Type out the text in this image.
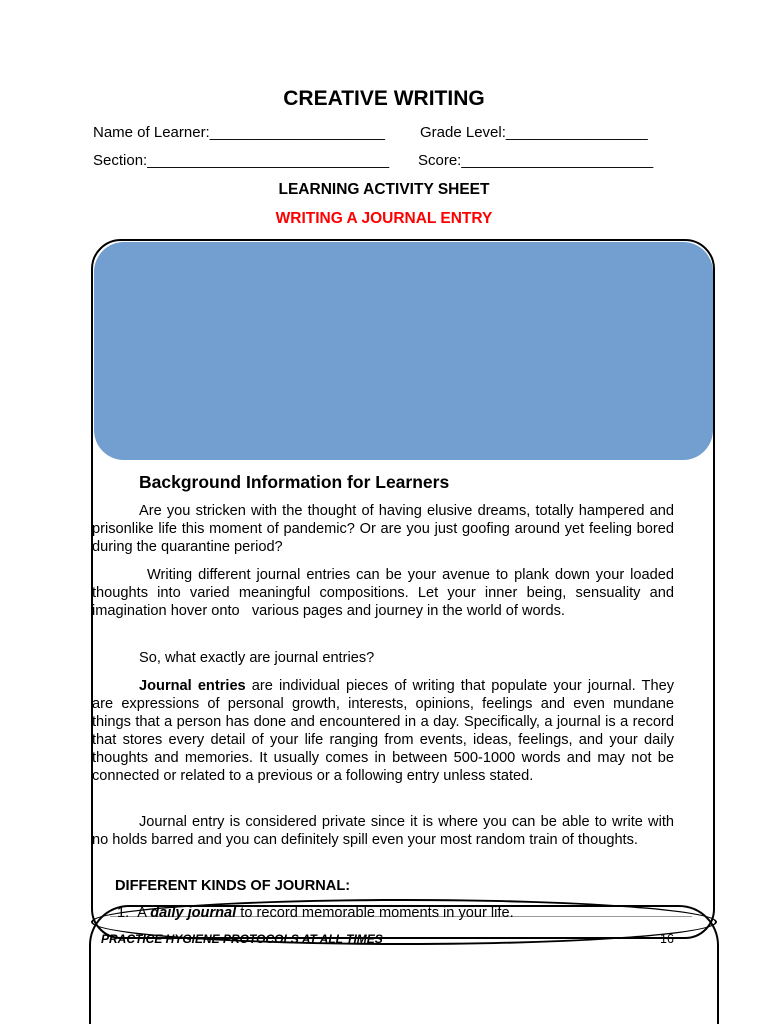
CREATIVE WRITING
Name of Learner:_____________________ Grade Level:_________________
Section:_____________________________ Score:_______________________
LEARNING ACTIVITY SHEET
WRITING A JOURNAL ENTRY
Background Information for Learners
Are you stricken with the thought of having elusive dreams, totally hampered and prisonlike life this moment of pandemic? Or are you just goofing around yet feeling bored during the quarantine period?
Writing different journal entries can be your avenue to plank down your loaded thoughts into varied meaningful compositions. Let your inner being, sensuality and imagination hover onto   various pages and journey in the world of words.
So, what exactly are journal entries?
Journal entries are individual pieces of writing that populate your journal. They are expressions of personal growth, interests, opinions, feelings and even mundane things that a person has done and encountered in a day. Specifically, a journal is a record that stores every detail of your life ranging from events, ideas, feelings, and your daily thoughts and memories. It usually comes in between 500-1000 words and may not be connected or related to a previous or a following entry unless stated.
Journal entry is considered private since it is where you can be able to write with no holds barred and you can definitely spill even your most random train of thoughts.
DIFFERENT KINDS OF JOURNAL:
1. A daily journal to record memorable moments in your life.
PRACTICE HYGIENE PROTOCOLS AT ALL TIMES	16
